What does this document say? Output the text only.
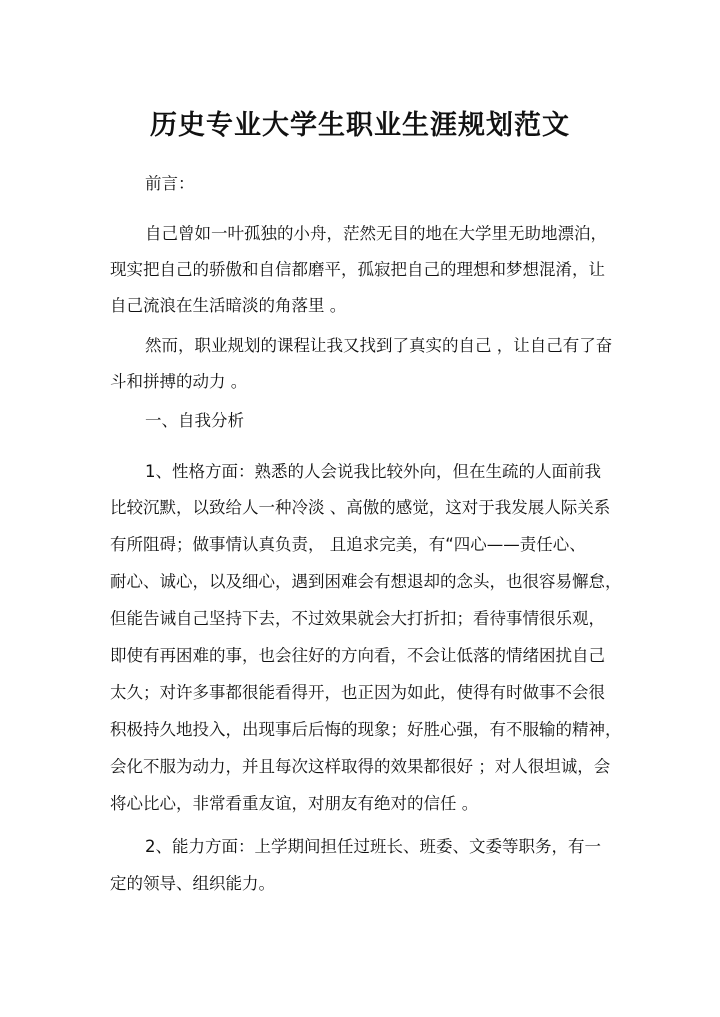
历史专业大学生职业生涯规划范文

前言：

自己曾如一叶孤独的小舟，茫然无目的地在大学里无助地漂泊，

现实把自己的骄傲和自信都磨平，孤寂把自己的理想和梦想混淆，让

自己流浪在生活暗淡的角落里 。

然而，职业规划的课程让我又找到了真实的自己 ，让自己有了奋

斗和拼搏的动力 。

一、自我分析

1、性格方面：熟悉的人会说我比较外向，但在生疏的人面前我

比较沉默，以致给人一种冷淡 、高傲的感觉，这对于我发展人际关系

有所阻碍；做事情认真负责， 且追求完美，有“四心——责任心、

耐心、诚心，以及细心，遇到困难会有想退却的念头，也很容易懈怠，

但能告诫自己坚持下去，不过效果就会大打折扣；看待事情很乐观，

即使有再困难的事，也会往好的方向看，不会让低落的情绪困扰自己

太久；对许多事都很能看得开，也正因为如此，使得有时做事不会很

积极持久地投入，出现事后后悔的现象；好胜心强，有不服输的精神，

会化不服为动力，并且每次这样取得的效果都很好 ；对人很坦诚，会

将心比心，非常看重友谊，对朋友有绝对的信任 。

2、能力方面：上学期间担任过班长、班委、文委等职务，有一

定的领导、组织能力。
